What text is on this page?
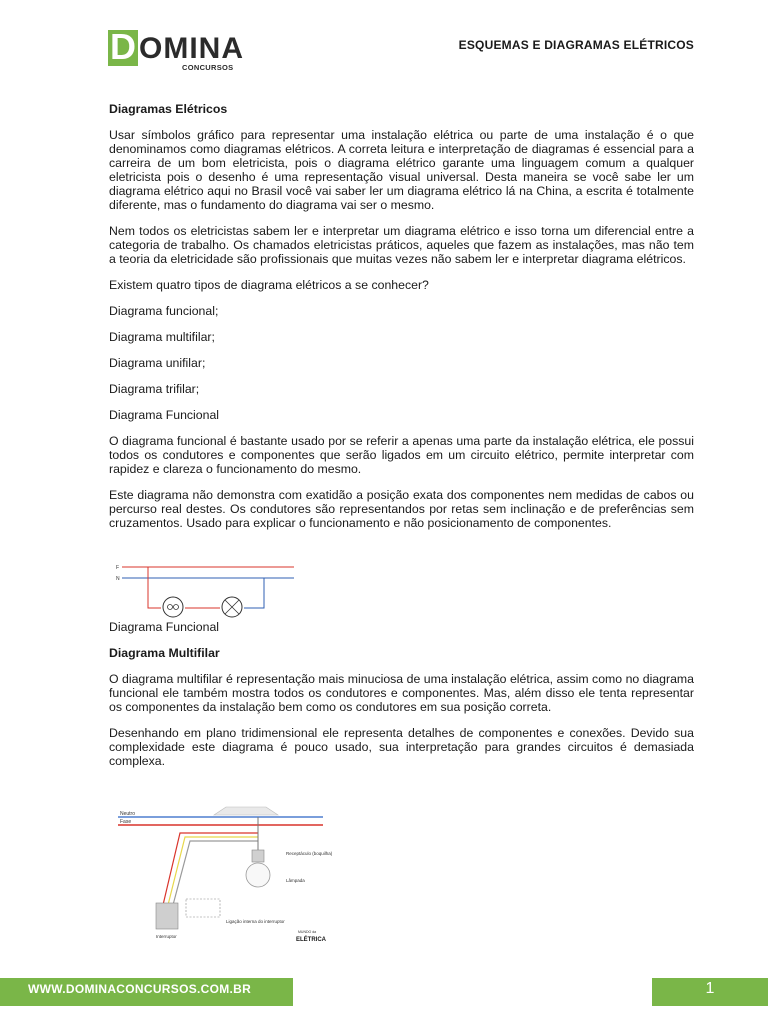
D OMINA
CONCURSOS
ESQUEMAS E DIAGRAMAS ELÉTRICOS

Diagramas Elétricos

Usar símbolos gráfico para representar uma instalação elétrica ou parte de uma instalação é o que denominamos como diagramas elétricos. A correta leitura e interpretação de diagramas é essencial para a carreira de um bom eletricista, pois o diagrama elétrico garante uma linguagem comum a qualquer eletricista pois o desenho é uma representação visual universal. Desta maneira se você sabe ler um diagrama elétrico aqui no Brasil você vai saber ler um diagrama elétrico lá na China, a escrita é totalmente diferente, mas o fundamento do diagrama vai ser o mesmo.

Nem todos os eletricistas sabem ler e interpretar um diagrama elétrico e isso torna um diferencial entre a categoria de trabalho. Os chamados eletricistas práticos, aqueles que fazem as instalações, mas não tem a teoria da eletricidade são profissionais que muitas vezes não sabem ler e interpretar diagrama elétricos.

Existem quatro tipos de diagrama elétricos a se conhecer?

Diagrama funcional;

Diagrama multifilar;

Diagrama unifilar;

Diagrama trifilar;

Diagrama Funcional

O diagrama funcional é bastante usado por se referir a apenas uma parte da instalação elétrica, ele possui todos os condutores e componentes que serão ligados em um circuito elétrico, permite interpretar com rapidez e clareza o funcionamento do mesmo.

Este diagrama não demonstra com exatidão a posição exata dos componentes nem medidas de cabos ou percurso real destes. Os condutores são representandos por retas sem inclinação e de preferências sem cruzamentos. Usado para explicar o funcionamento e não posicionamento de componentes.

Diagrama Funcional

Diagrama Multifilar

O diagrama multifilar é representação mais minuciosa de uma instalação elétrica, assim como no diagrama funcional ele também mostra todos os condutores e componentes. Mas, além disso ele tenta representar os componentes da instalação bem como os condutores em sua posição correta.

Desenhando em plano tridimensional ele representa detalhes de componentes e conexões. Devido sua complexidade este diagrama é pouco usado, sua interpretação para grandes circuitos é demasiada complexa.

F
N
Neutro
Fase
Receptáculo (boquilha)
Lâmpada
Ligação interna do interruptor
Interruptor
MUNDO da
ELÉTRICA
WWW.DOMINACONCURSOS.COM.BR	1
